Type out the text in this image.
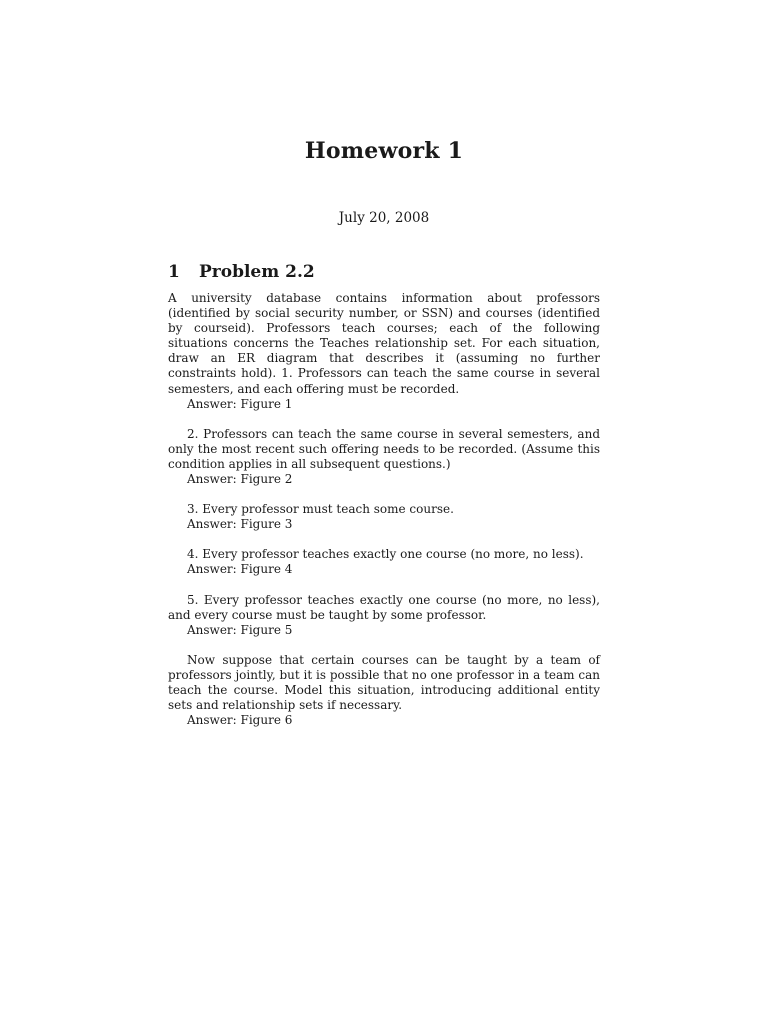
Homework 1
July 20, 2008
1 Problem 2.2

A university database contains information about professors (identified by social security number, or SSN) and courses (identified by courseid). Professors teach courses; each of the following situations concerns the Teaches relationship set. For each situation, draw an ER diagram that describes it (assuming no further constraints hold). 1. Professors can teach the same course in several semesters, and each offering must be recorded.

Answer: Figure 1

2. Professors can teach the same course in several semesters, and only the most recent such offering needs to be recorded. (Assume this condition applies in all subsequent questions.)

Answer: Figure 2

3. Every professor must teach some course.

Answer: Figure 3

4. Every professor teaches exactly one course (no more, no less).

Answer: Figure 4

5. Every professor teaches exactly one course (no more, no less), and every course must be taught by some professor.

Answer: Figure 5

Now suppose that certain courses can be taught by a team of professors jointly, but it is possible that no one professor in a team can teach the course. Model this situation, introducing additional entity sets and relationship sets if necessary.

Answer: Figure 6
